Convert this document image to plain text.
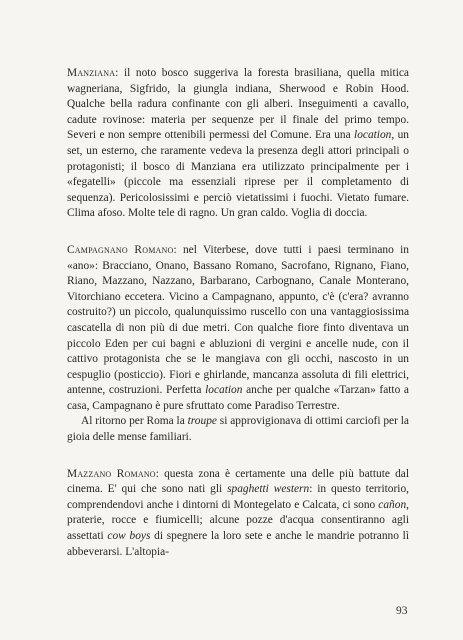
Manziana: il noto bosco suggeriva la foresta brasiliana, quella mitica wagneriana, Sigfrido, la giungla indiana, Sherwood e Robin Hood. Qualche bella radura confinante con gli alberi. Inseguimenti a cavallo, cadute rovinose: materia per sequenze per il finale del primo tempo. Severi e non sempre ottenibili permessi del Comune. Era una location, un set, un esterno, che raramente vedeva la presenza degli attori principali o protagonisti; il bosco di Manziana era utilizzato principalmente per i «fegatelli» (piccole ma essenziali riprese per il completamento di sequenza). Pericolosissimi e perciò vietatissimi i fuochi. Vietato fumare. Clima afoso. Molte tele di ragno. Un gran caldo. Voglia di doccia.

Campagnano Romano: nel Viterbese, dove tutti i paesi terminano in «ano»: Bracciano, Onano, Bassano Romano, Sacrofano, Rignano, Fiano, Riano, Mazzano, Nazzano, Barbarano, Carbognano, Canale Monterano, Vitorchiano eccetera. Vicino a Campagnano, appunto, c'è (c'era? avranno costruito?) un piccolo, qualunquissimo ruscello con una vantaggiosissima cascatella di non più di due metri. Con qualche fiore finto diventava un piccolo Eden per cui bagni e abluzioni di vergini e ancelle nude, con il cattivo protagonista che se le mangiava con gli occhi, nascosto in un cespuglio (posticcio). Fiori e ghirlande, mancanza assoluta di fili elettrici, antenne, costruzioni. Perfetta location anche per qualche «Tarzan» fatto a casa, Campagnano è pure sfruttato come Paradiso Terrestre.

Al ritorno per Roma la troupe si approvigionava di ottimi carciofi per la gioia delle mense familiari.

Mazzano Romano: questa zona è certamente una delle più battute dal cinema. E' qui che sono nati gli spaghetti western: in questo territorio, comprendendovi anche i dintorni di Montegelato e Calcata, ci sono cañon, praterie, rocce e fiumicelli; alcune pozze d'acqua consentiranno agli assettati cow boys di spegnere la loro sete e anche le mandrie potranno lì abbeverarsi. L'altopia-

93
